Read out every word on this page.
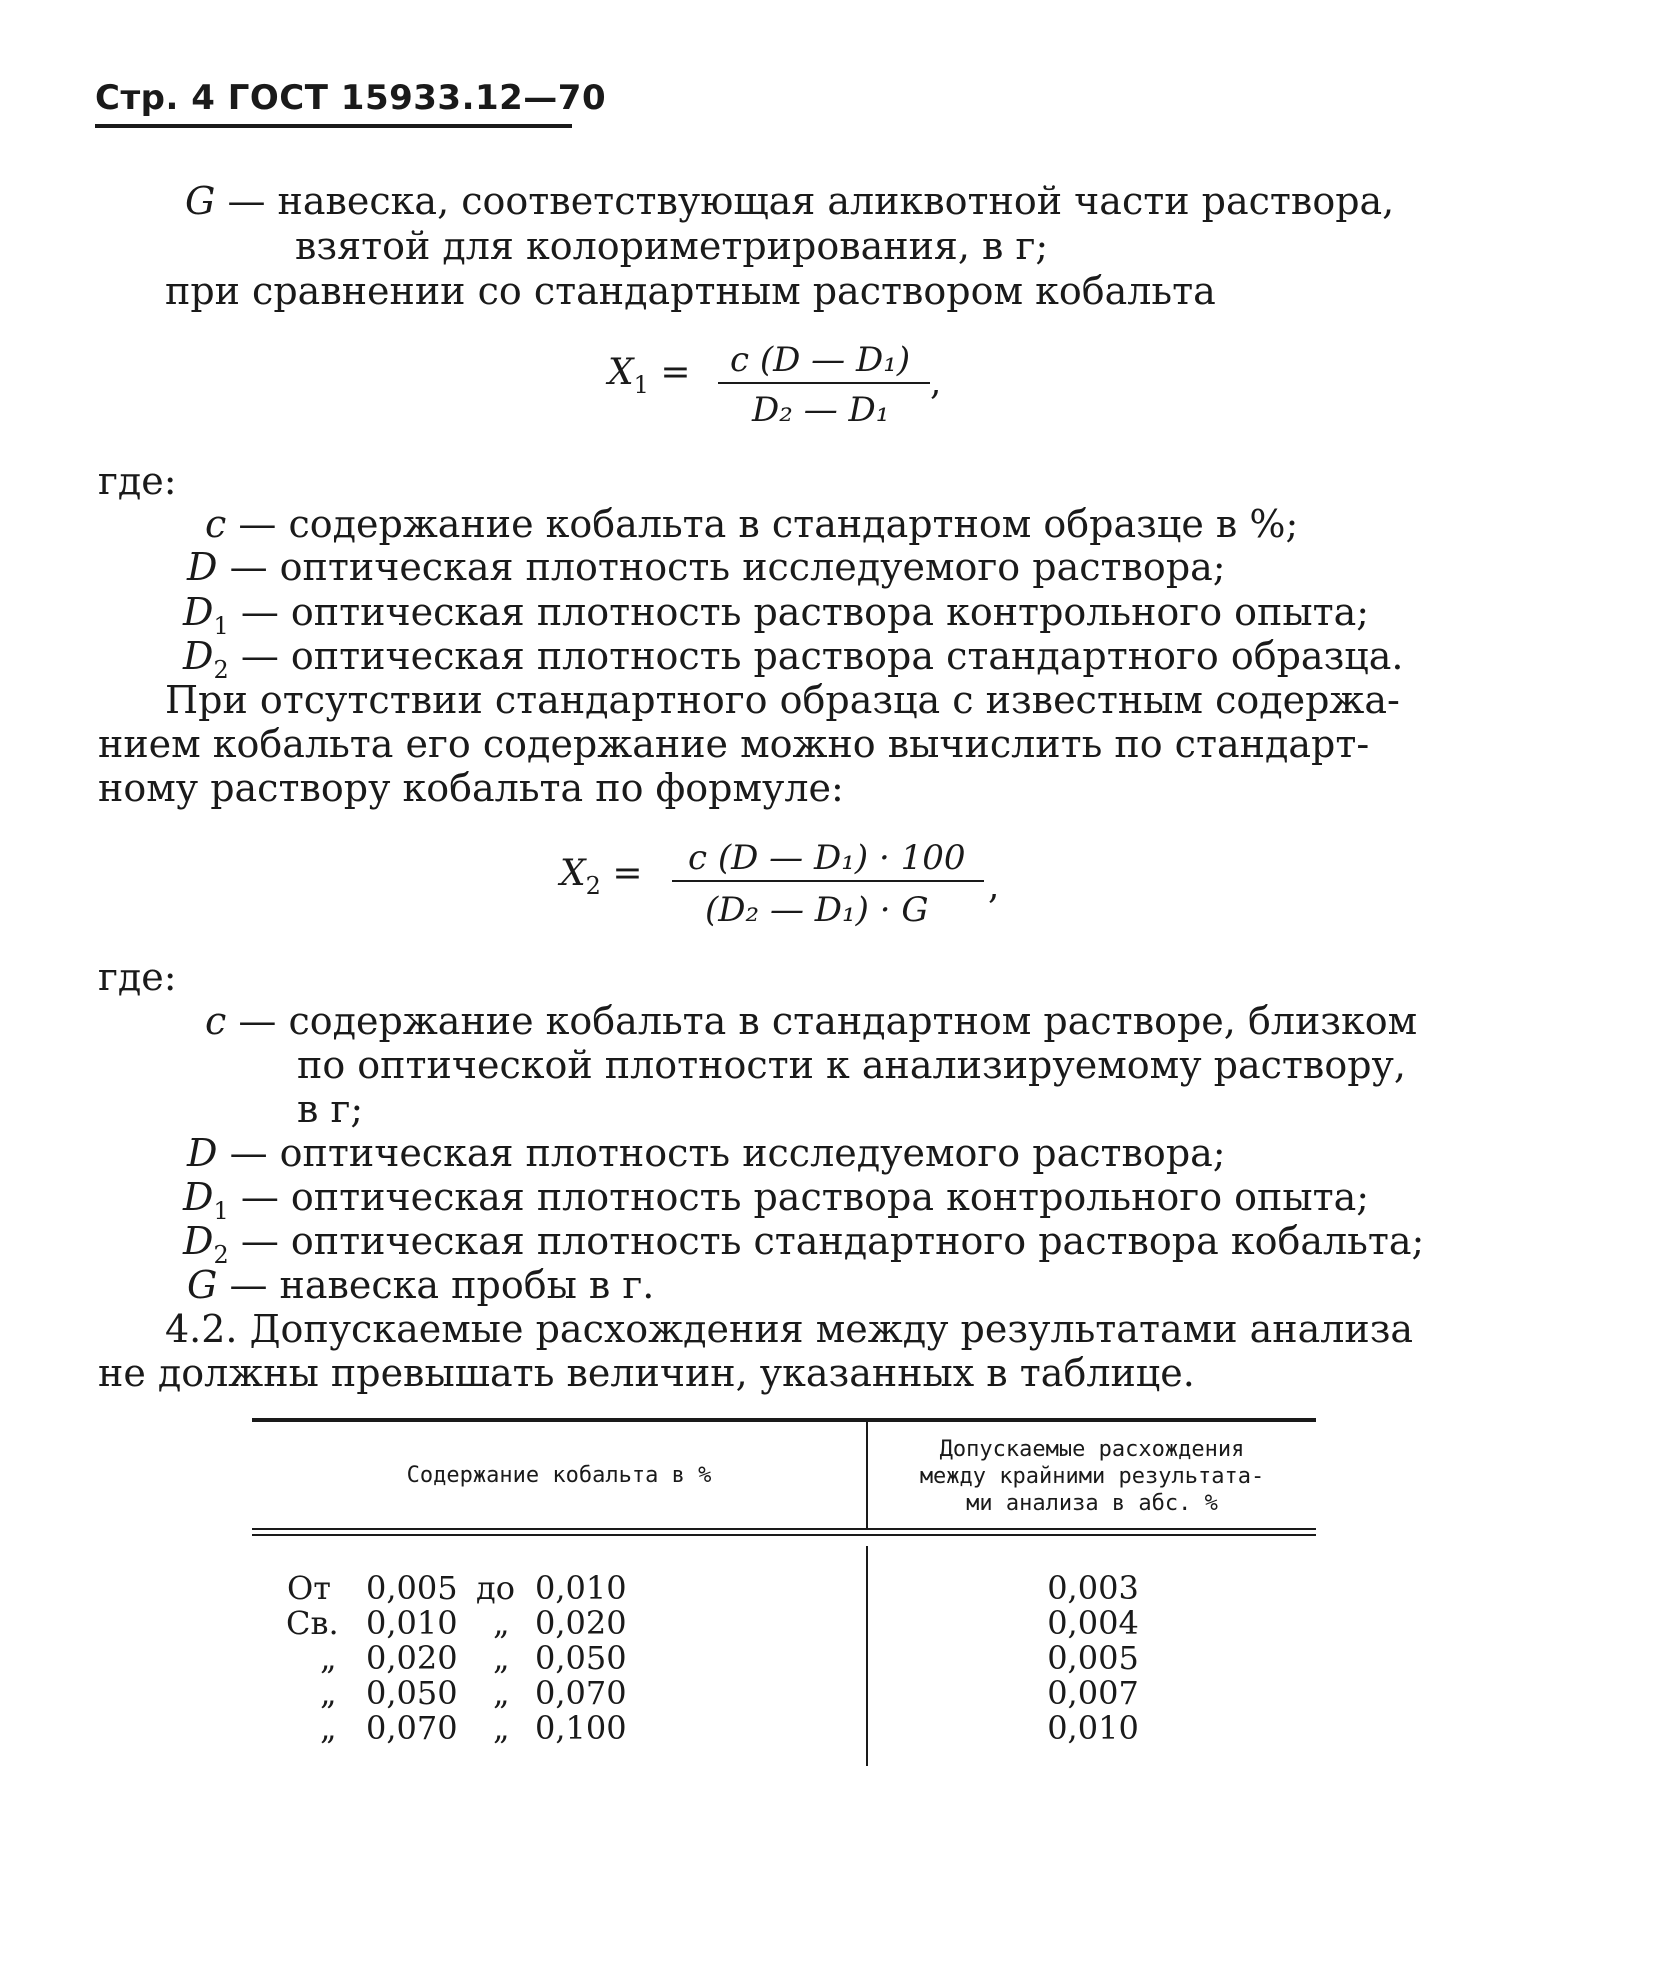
Стр. 4 ГОСТ 15933.12—70
G — навеска, соответствующая аликвотной части раствора,
взятой для колориметрирования, в г;
при сравнении со стандартным раствором кобальта
$X_1 = c$ (D — D₁)
D₂ — D₁
,
где:
c — содержание кобальта в стандартном образце в %;
D — оптическая плотность исследуемого раствора;
$D_1$ — оптическая плотность раствора контрольного опыта;
$D_2$ — оптическая плотность раствора стандартного образца.
При отсутствии стандартного образца с известным содержа-
нием кобальта его содержание можно вычислить по стандарт-
ному раствору кобальта по формуле:
$X_2 = c$ (D — D₁) · 100
(D₂ — D₁) · G
,
где:
c — содержание кобальта в стандартном растворе, близком
по оптической плотности к анализируемому раствору,
в г;
D — оптическая плотность исследуемого раствора;
$D_1$ — оптическая плотность раствора контрольного опыта;
$D_2$ — оптическая плотность стандартного раствора кобальта;
G — навеска пробы в г.
4.2. Допускаемые расхождения между результатами анализа
не должны превышать величин, указанных в таблице.
Содержание кобальта в %
Допускаемые расхождения
между крайними результата-
ми анализа в абс. %
От 0,005 до 0,010	0,003
Св. 0,010 „ 0,020	0,004
„ 0,020 „ 0,050	0,005
„ 0,050 „ 0,070	0,007
„ 0,070 „ 0,100	0,010
